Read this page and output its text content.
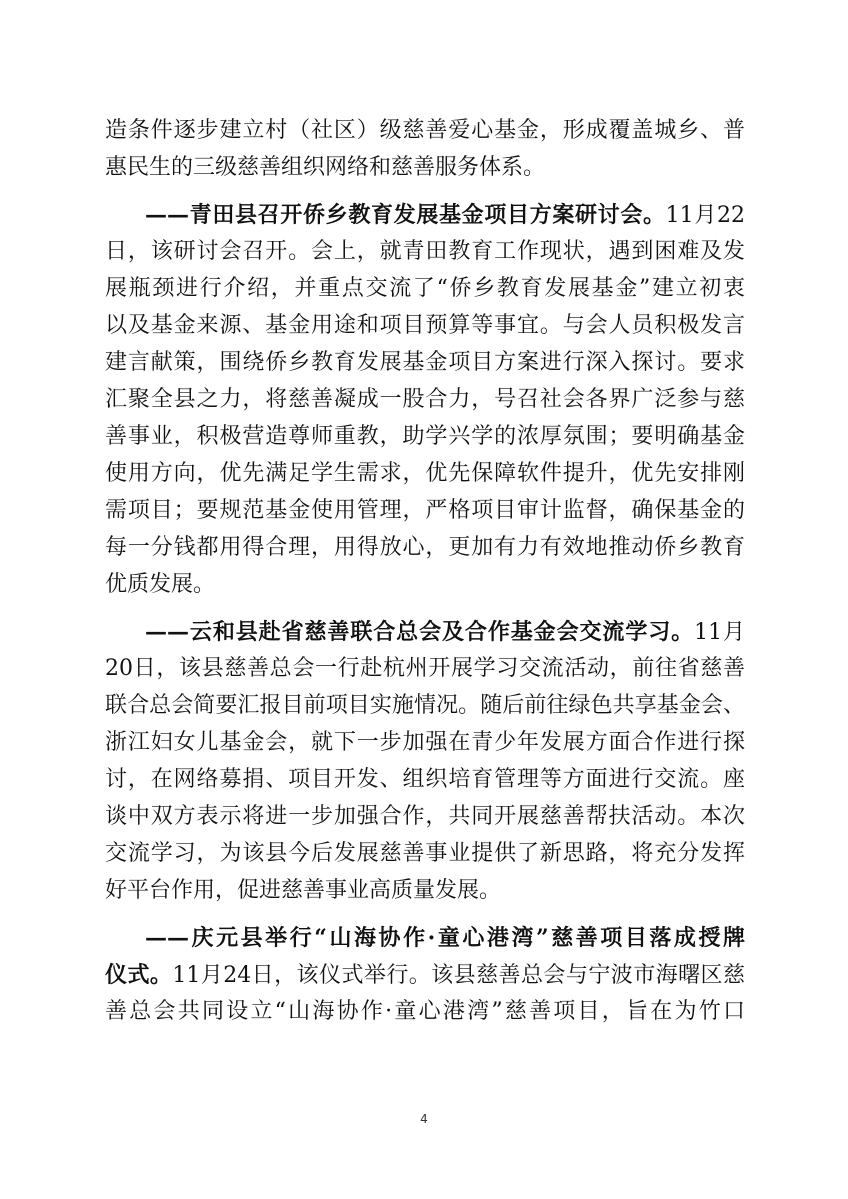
造条件逐步建立村（社区）级慈善爱心基金，形成覆盖城乡、普
惠民生的三级慈善组织网络和慈善服务体系。
——青田县召开侨乡教育发展基金项目方案研讨会。11月22
日，该研讨会召开。会上，就青田教育工作现状，遇到困难及发
展瓶颈进行介绍，并重点交流了“侨乡教育发展基金”建立初衷
以及基金来源、基金用途和项目预算等事宜。与会人员积极发言
建言献策，围绕侨乡教育发展基金项目方案进行深入探讨。要求
汇聚全县之力，将慈善凝成一股合力，号召社会各界广泛参与慈
善事业，积极营造尊师重教，助学兴学的浓厚氛围；要明确基金
使用方向，优先满足学生需求，优先保障软件提升，优先安排刚
需项目；要规范基金使用管理，严格项目审计监督，确保基金的
每一分钱都用得合理，用得放心，更加有力有效地推动侨乡教育
优质发展。
——云和县赴省慈善联合总会及合作基金会交流学习。11月
20日，该县慈善总会一行赴杭州开展学习交流活动，前往省慈善
联合总会简要汇报目前项目实施情况。随后前往绿色共享基金会、
浙江妇女儿基金会，就下一步加强在青少年发展方面合作进行探
讨，在网络募捐、项目开发、组织培育管理等方面进行交流。座
谈中双方表示将进一步加强合作，共同开展慈善帮扶活动。本次
交流学习，为该县今后发展慈善事业提供了新思路，将充分发挥
好平台作用，促进慈善事业高质量发展。
——庆元县举行“山海协作·童心港湾”慈善项目落成授牌
仪式。11月24日，该仪式举行。该县慈善总会与宁波市海曙区慈
善总会共同设立“山海协作·童心港湾”慈善项目，旨在为竹口
4
